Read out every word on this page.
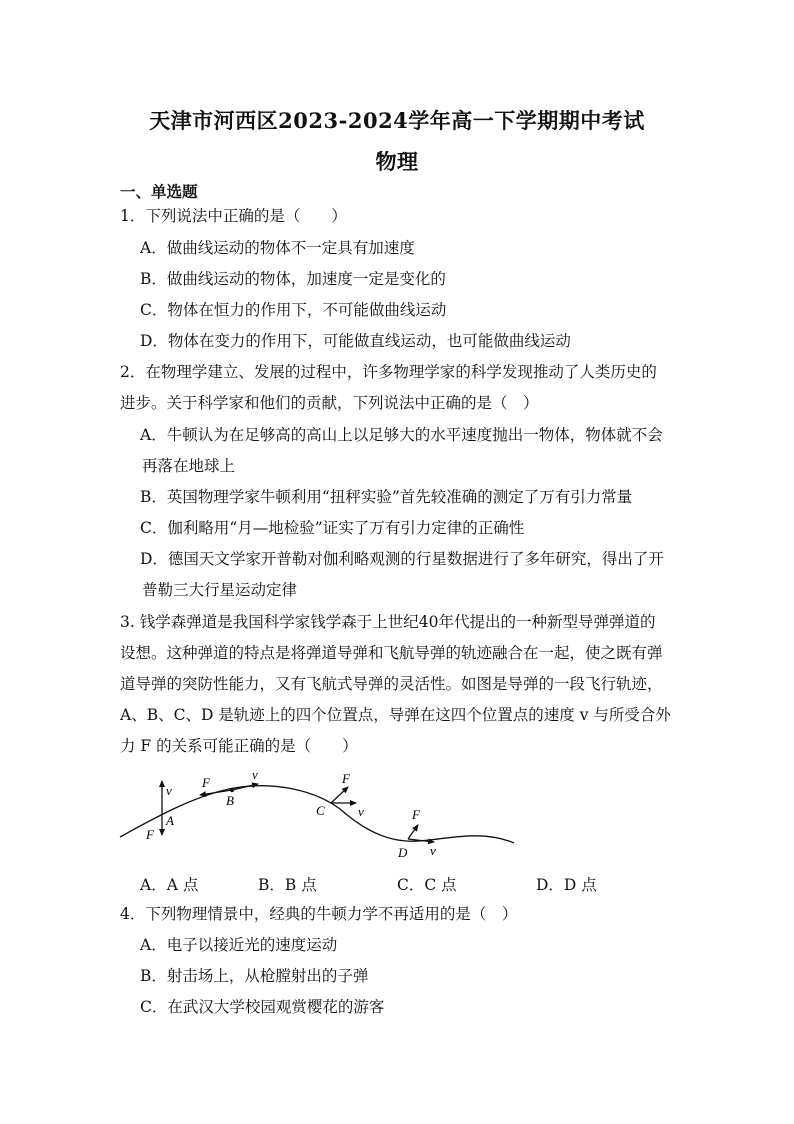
天津市河西区2023-2024学年高一下学期期中考试
物理
一、单选题
1．下列说法中正确的是（　　）
A．做曲线运动的物体不一定具有加速度
B．做曲线运动的物体，加速度一定是变化的
C．物体在恒力的作用下，不可能做曲线运动
D．物体在变力的作用下，可能做直线运动，也可能做曲线运动
2．在物理学建立、发展的过程中，许多物理学家的科学发现推动了人类历史的
进步。关于科学家和他们的贡献，下列说法中正确的是（　）
A．牛顿认为在足够高的高山上以足够大的水平速度抛出一物体，物体就不会
再落在地球上
B．英国物理学家牛顿利用“扭秤实验”首先较准确的测定了万有引力常量
C．伽利略用“月—地检验”证实了万有引力定律的正确性
D．德国天文学家开普勒对伽利略观测的行星数据进行了多年研究，得出了开
普勒三大行星运动定律
3. 钱学森弹道是我国科学家钱学森于上世纪40年代提出的一种新型导弹弹道的
设想。这种弹道的特点是将弹道导弹和飞航导弹的轨迹融合在一起，使之既有弹
道导弹的突防性能力，又有飞航式导弹的灵活性。如图是导弹的一段飞行轨迹，
A、B、C、D 是轨迹上的四个位置点，导弹在这四个位置点的速度 v 与所受合外
力 F 的关系可能正确的是（　　）
v
A
F
F
v
B
F
v
C	F
v
D
A．A 点	B．B 点	C．C 点	D．D 点
4．下列物理情景中，经典的牛顿力学不再适用的是（　）
A．电子以接近光的速度运动
B．射击场上，从枪膛射出的子弹
C．在武汉大学校园观赏樱花的游客
